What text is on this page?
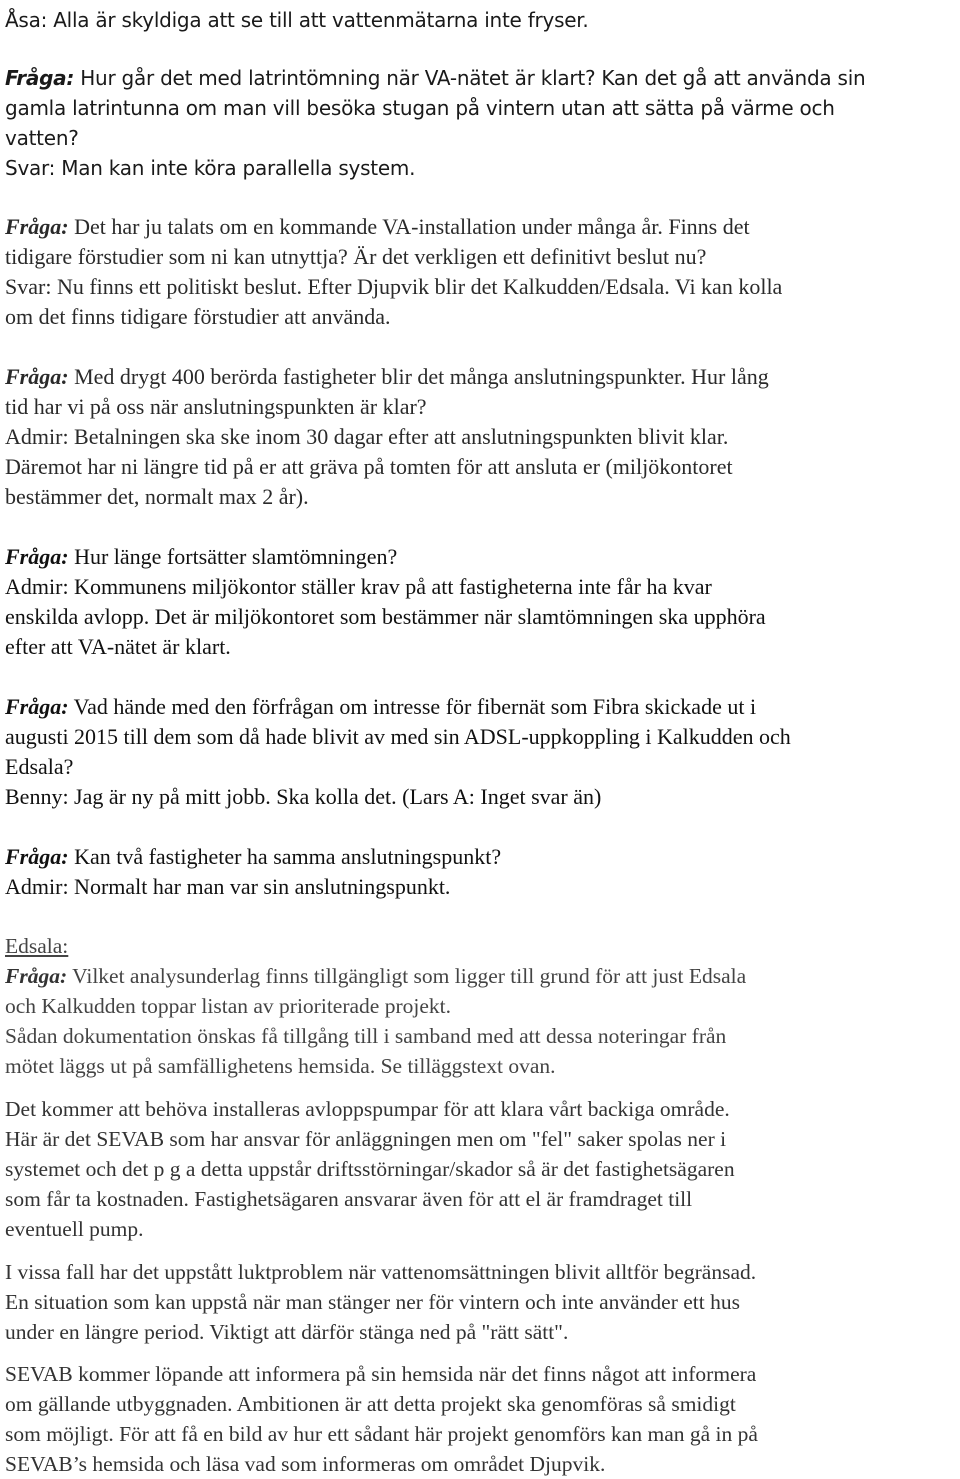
Åsa: Alla är skyldiga att se till att vattenmätarna inte fryser.
Fråga: Hur går det med latrintömning när VA-nätet är klart? Kan det gå att använda sin
gamla latrintunna om man vill besöka stugan på vintern utan att sätta på värme och
vatten?
Svar: Man kan inte köra parallella system.
Fråga: Det har ju talats om en kommande VA-installation under många år. Finns det
tidigare förstudier som ni kan utnyttja? Är det verkligen ett definitivt beslut nu?
Svar: Nu finns ett politiskt beslut. Efter Djupvik blir det Kalkudden/Edsala. Vi kan kolla
om det finns tidigare förstudier att använda.
Fråga: Med drygt 400 berörda fastigheter blir det många anslutningspunkter. Hur lång
tid har vi på oss när anslutningspunkten är klar?
Admir: Betalningen ska ske inom 30 dagar efter att anslutningspunkten blivit klar.
Däremot har ni längre tid på er att gräva på tomten för att ansluta er (miljökontoret
bestämmer det, normalt max 2 år).
Fråga: Hur länge fortsätter slamtömningen?
Admir: Kommunens miljökontor ställer krav på att fastigheterna inte får ha kvar
enskilda avlopp. Det är miljökontoret som bestämmer när slamtömningen ska upphöra
efter att VA-nätet är klart.
Fråga: Vad hände med den förfrågan om intresse för fibernät som Fibra skickade ut i
augusti 2015 till dem som då hade blivit av med sin ADSL-uppkoppling i Kalkudden och
Edsala?
Benny: Jag är ny på mitt jobb. Ska kolla det. (Lars A: Inget svar än)
Fråga: Kan två fastigheter ha samma anslutningspunkt?
Admir: Normalt har man var sin anslutningspunkt.
Edsala:
Fråga: Vilket analysunderlag finns tillgängligt som ligger till grund för att just Edsala
och Kalkudden toppar listan av prioriterade projekt.
Sådan dokumentation önskas få tillgång till i samband med att dessa noteringar från
mötet läggs ut på samfällighetens hemsida. Se tilläggstext ovan.
Det kommer att behöva installeras avloppspumpar för att klara vårt backiga område.
Här är det SEVAB som har ansvar för anläggningen men om "fel" saker spolas ner i
systemet och det p g a detta uppstår driftsstörningar/skador så är det fastighetsägaren
som får ta kostnaden. Fastighetsägaren ansvarar även för att el är framdraget till
eventuell pump.
I vissa fall har det uppstått luktproblem när vattenomsättningen blivit alltför begränsad.
En situation som kan uppstå när man stänger ner för vintern och inte använder ett hus
under en längre period. Viktigt att därför stänga ned på "rätt sätt".
SEVAB kommer löpande att informera på sin hemsida när det finns något att informera
om gällande utbyggnaden. Ambitionen är att detta projekt ska genomföras så smidigt
som möjligt. För att få en bild av hur ett sådant här projekt genomförs kan man gå in på
SEVAB’s hemsida och läsa vad som informeras om området Djupvik.
